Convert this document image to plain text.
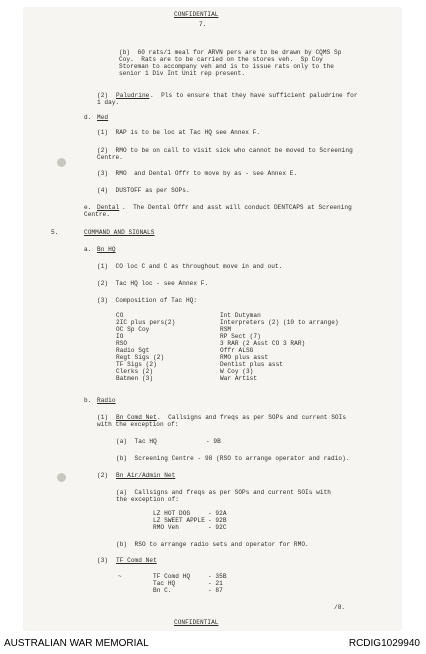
CONFIDENTIAL
7.
(b)  60 rats/1 meal for ARVN pers are to be drawn by CQMS Sp
Coy.  Rats are to be carried on the stores veh.  Sp Coy
Storeman to accompany veh and is to issue rats only to the
senior 1 Div Int Unit rep present.
(2) Paludrine .  Pls to ensure that they have sufficient paludrine for
1 day.
d. Med
(1)  RAP is to be loc at Tac HQ see Annex F.
(2)  RMO to be on call to visit sick who cannot be moved to Screening
Centre.
(3)  RMO  and Dental Offr to move by as - see Annex E.
(4)  DUSTOFF as per SOPs.
e. Dental .  The Dental Offr and asst will conduct DENTCAPS at Screening
Centre.
5.	COMMAND AND SIGNALS
a. Bn HQ
(1)  CO loc C and C as throughout move in and out.
(2)  Tac HQ loc - see Annex F.
(3)  Composition of Tac HQ:
CO	Int Dutyman
2IC plus pers(2)	Interpreters (2) (10 to arrange)
OC Sp Coy	RSM
IO	RP Sect (7)
RSO	3 RAR (2 Asst CO 3 RAR)
Radio Sgt	Offr ALSG
Regt Sigs (2)	RMO plus asst
TF Sigs (2)	Dentist plus asst
Clerks (2)	W Coy (3)
Batmen (3)	War Artist
b. Radio
(1) Bn Comd Net .  Callsigns and freqs as per SOPs and current SOIs
with the exception of:
(a)  Tac HQ	- 9B
(b)  Screening Centre - 98 (RSO to arrange operator and radio).
(2) Bn Air/Admin Net
(a)  Callsigns and freqs as per SOPs and current SOIs with
the exception of:
LZ HOT DOG	- 92A
LZ SWEET APPLE - 92B
RMO Veh	- 92C
(b)  RSO to arrange radio sets and operator for RMO.
(3) TF Comd Net
~	TF Comd HQ	- 35B
Tac HQ	- 21
Bn C.	- 87
/8.
CONFIDENTIAL
AUSTRALIAN WAR MEMORIAL	RCDIG1029940
